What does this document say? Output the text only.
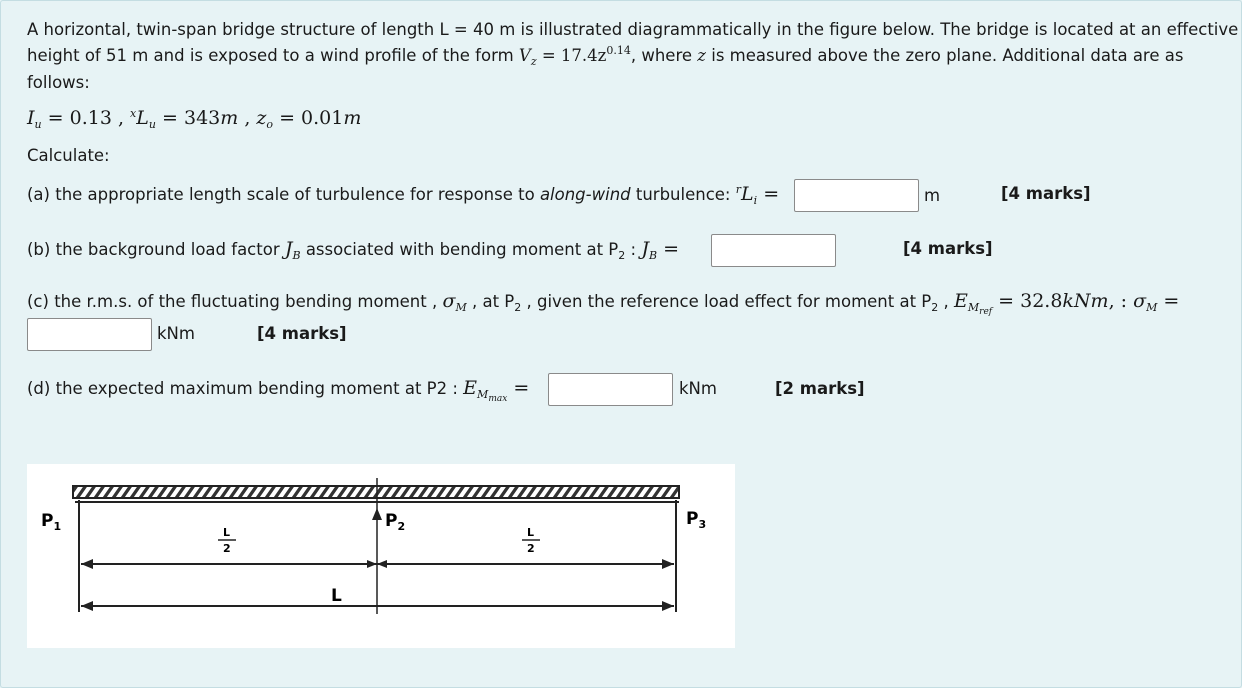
A horizontal, twin-span bridge structure of length L = 40 m is illustrated diagrammatically in the figure below. The bridge is located at an effective
height of 51 m and is exposed to a wind profile of the form $V_z = 17.4z^{0.14}$, where z is measured above the zero plane. Additional data are as
follows:
$I_u = 0.13$ , $^xL_u = 343m$ , $z_o = 0.01m$
Calculate:
(a) the appropriate length scale of turbulence for response to along-wind turbulence: $^rL_i$ =	m	[4 marks]
(b) the background load factor $J_B$ associated with bending moment at $P_2$ : $J_B$ =	[4 marks]
(c) the r.m.s. of the fluctuating bending moment , $\sigma_M$ , at $P_2$ , given the reference load effect for moment at $P_2$ , $E_{M_{ref}} = 32.8kNm$, : $\sigma_M$ =
kNm	[4 marks]
(d) the expected maximum bending moment at P2 : $E_{M_{max}}$ =	kNm	[2 marks]
$P_1$	$P_2$	$P_3$
L
2
L
2
L
